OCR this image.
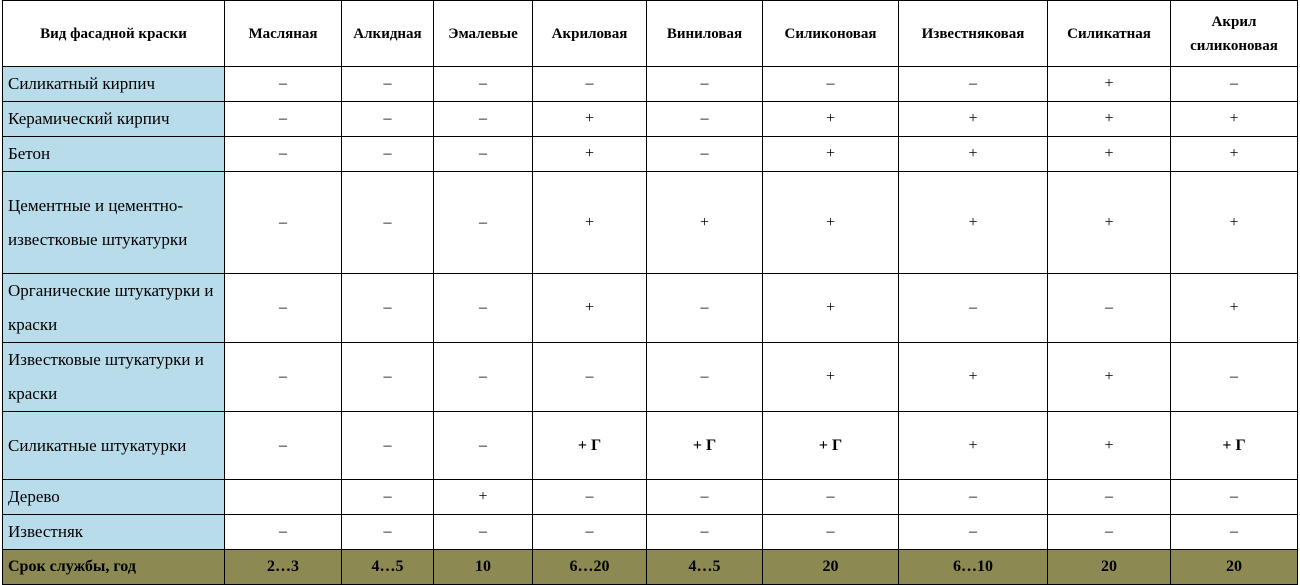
Вид фасадной краски	Масляная	Алкидная	Эмалевые	Акриловая	Виниловая	Силиконовая	Известняковая	Силикатная	Акрил силиконовая
Силикатный кирпич	–	–	–	–	–	–	–	+	–
Керамический кирпич	–	–	–	+	–	+	+	+	+
Бетон	–	–	–	+	–	+	+	+	+
Цементные и цементно-известковые штукатурки	–	–	–	+	+	+	+	+	+
Органические штукатурки и краски	–	–	–	+	–	+	–	–	+
Известковые штукатурки и краски	–	–	–	–	–	+	+	+	–
Силикатные штукатурки	–	–	–	+ Г	+ Г	+ Г	+	+	+ Г
Дерево		–	+	–	–	–	–	–	–
Известняк	–	–	–	–	–	–	–	–	–
Срок службы, год	2…3	4…5	10	6…20	4…5	20	6…10	20	20
